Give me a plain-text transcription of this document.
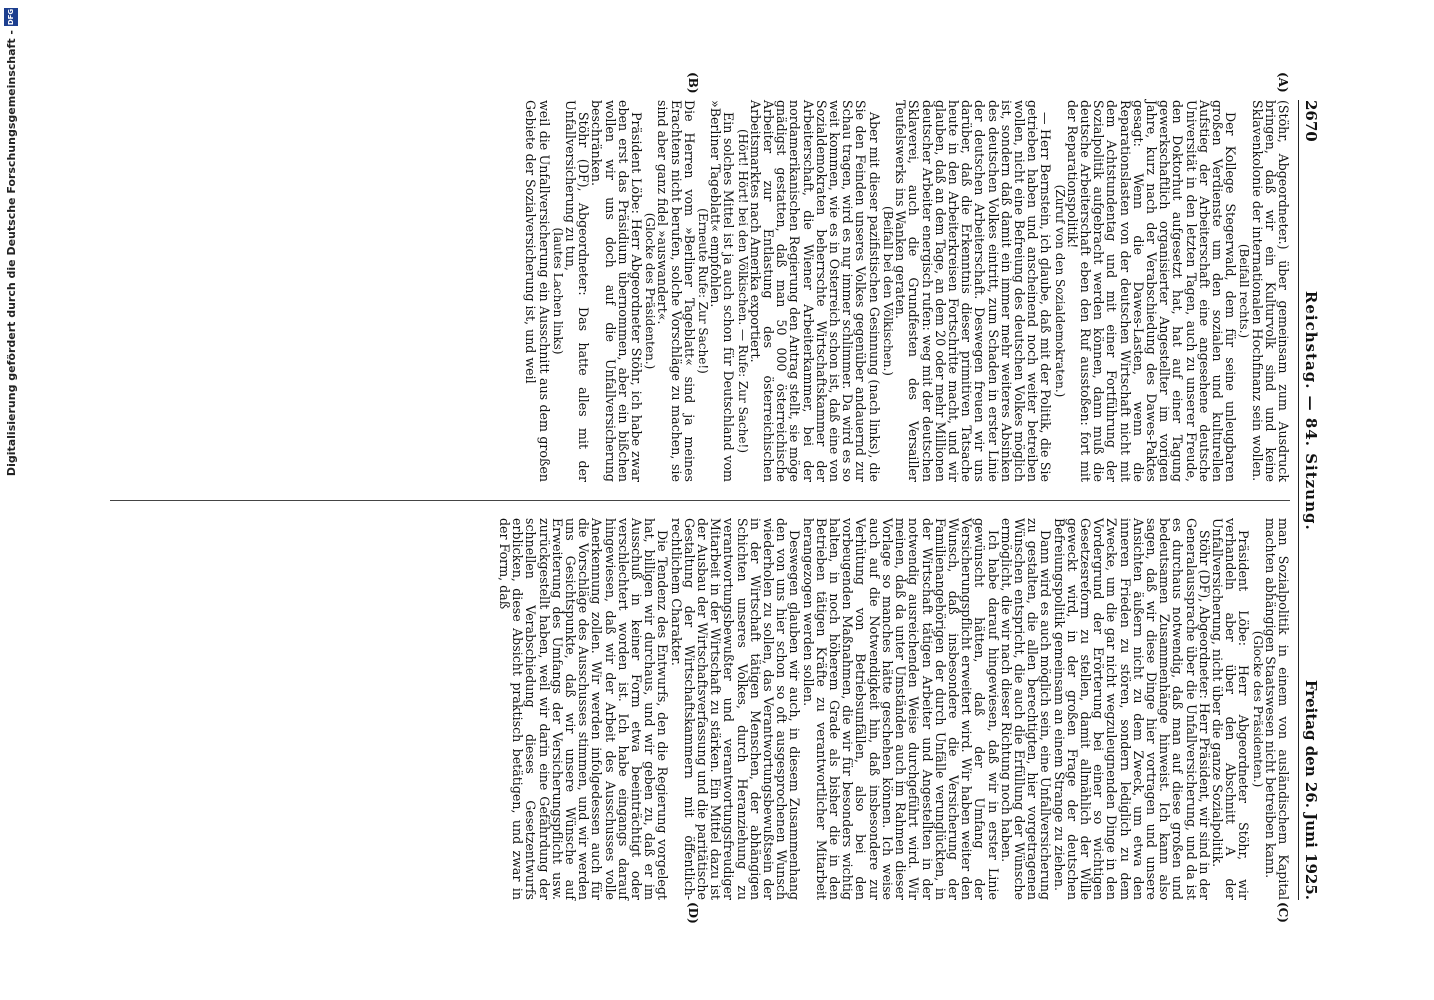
Digitalisierung gefördert durch die Deutsche Forschungsgemeinschaft -
DFG
2670
Reichstag. — 84. Sitzung.
Freitag den 26. Juni 1925.
(A)
(B)
(C)
(D)

(Stöhr, Abgeordneter.) über gemeinsam zum Ausdruck bringen, daß wir ein Kulturvolk sind und keine Sklavenkolonie der internationalen Hochfinanz sein wollen.

(Beifall rechts.)

Der Kollege Stegerwald, dem für seine unleugbaren großen Verdienste um den sozialen und kulturellen Aufstieg der Arbeiterschaft eine angesehene deutsche Universität in den letzten Tagen, auch zu unserer Freude, den Doktorhut aufgesetzt hat, hat auf einer Tagung gewerkschaftlich organisierter Angestellter im vorigen Jahre, kurz nach der Verabschiedung des Dawes-Paktes gesagt: Wenn die Dawes-Lasten, wenn die Reparationslasten von der deutschen Wirtschaft nicht mit dem Achtstundentag und mit einer Fortführung der Sozialpolitik aufgebracht werden können, dann muß die deutsche Arbeiterschaft eben den Ruf ausstoßen: fort mit der Reparationspolitik!

(Zuruf von den Sozialdemokraten.)

— Herr Bernstein, ich glaube, daß mit der Politik, die Sie getrieben haben und anscheinend noch weiter betreiben wollen, nicht eine Befreiung des deutschen Volkes möglich ist, sondern daß damit ein immer mehr weiteres Absinken des deutschen Volkes eintritt, zum Schaden in erster Linie der deutschen Arbeiterschaft. Deswegen freuen wir uns darüber, daß die Erkenntnis dieser primitiven Tatsache heute in den Arbeiterkreisen Fortschritte macht, und wir glauben, daß an dem Tage, an dem 20 oder mehr Millionen deutscher Arbeiter energisch rufen: weg mit der deutschen Sklaverei, auch die Grundfesten des Versailler Teufelswerks ins Wanken geraten.

(Beifall bei den Völkischen.)

Aber mit dieser pazifistischen Gesinnung (nach links), die Sie den Feinden unseres Volkes gegenüber andauernd zur Schau tragen, wird es nur immer schlimmer. Da wird es so weit kommen, wie es in Österreich schon ist, daß eine von Sozialdemokraten beherrschte Wirtschaftskammer der Arbeiterschaft, die Wiener Arbeiterkammer, bei der nordamerikanischen Regierung den Antrag stellt, sie möge gnädigst gestatten, daß man 50 000 österreichische Arbeiter zur Entlastung des österreichischen Arbeitsmarktes nach Amerika exportiert.

(Hört! Hört! bei den Völkischen. — Rufe: Zur Sache!)

Ein solches Mittel ist ja auch schon für Deutschland vom »Berliner Tageblatt« empfohlen.

(Erneute Rufe: Zur Sache!)

Die Herren vom »Berliner Tageblatt« sind ja meines Erachtens nicht berufen, solche Vorschläge zu machen, sie sind aber ganz fidel »auswandert«.

(Glocke des Präsidenten.)

Präsident Löbe: Herr Abgeordneter Stöhr, ich habe zwar eben erst das Präsidium übernommen, aber ein bißchen wollen wir uns doch auf die Unfallversicherung beschränken.

Stöhr (DF), Abgeordneter: Das hatte alles mit der Unfallversicherung zu tun,

(lautes Lachen links)

weil die Unfallversicherung ein Ausschnitt aus dem großen Gebiete der Sozialversicherung ist, und weil

man Sozialpolitik in einem von ausländischem Kapital machten abhängigen Staatswesen nicht betreiben kann.

(Glocke des Präsidenten.)

Präsident Löbe: Herr Abgeordneter Stöhr, wir verhandeln aber über den Abschnitt A der Unfallversicherung, nicht über die ganze Sozialpolitik.

Stöhr (DF), Abgeordneter: Herr Präsident, wir sind in der Generalaussprache über die Unfallversicherung, und da ist es durchaus notwendig, daß man auf diese großen und bedeutsamen Zusammenhänge hinweist. Ich kann also sagen, daß wir diese Dinge hier vortragen und unsere Ansichten äußern nicht zu dem Zweck, um etwa den inneren Frieden zu stören, sondern lediglich zu dem Zwecke, um die gar nicht wegzuleugnenden Dinge in den Vordergrund der Erörterung bei einer so wichtigen Gesetzesreform zu stellen, damit allmählich der Wille geweckt wird, in der großen Frage der deutschen Befreiungspolitik gemeinsam an einem Strange zu ziehen.

Dann wird es auch möglich sein, eine Unfallversicherung zu gestalten, die allen berechtigten, hier vorgetragenen Wünschen entspricht, die auch die Erfüllung der Wünsche ermöglicht, die wir nach dieser Richtung noch haben.

Ich habe darauf hingewiesen, daß wir in erster Linie gewünscht hätten, daß der Umfang der Versicherungspflicht erweitert wird. Wir haben weiter den Wunsch, daß insbesondere die Versicherung der Familienangehörigen der durch Unfälle verunglückten, in der Wirtschaft tätigen Arbeiter und Angestellten in der notwendig ausreichenden Weise durchgeführt wird. Wir meinen, daß da unter Umständen auch im Rahmen dieser Vorlage so manches hätte geschehen können. Ich weise auch auf die Notwendigkeit hin, daß insbesondere zur Verhütung von Betriebsunfällen, also bei den vorbeugenden Maßnahmen, die wir für besonders wichtig halten, in noch höherem Grade als bisher die in den Betrieben tätigen Kräfte zu verantwortlicher Mitarbeit herangezogen werden sollen.

Deswegen glauben wir auch, in diesem Zusammenhang den von uns hier schon so oft ausgesprochenen Wunsch wiederholen zu sollen, das Verantwortungsbewußtsein der in der Wirtschaft tätigen Menschen, der abhängigen Schichten unseres Volkes, durch Heranziehung zu verantwortungsbewußter und verantwortungsfreudiger Mitarbeit in der Wirtschaft zu stärken. Ein Mittel dazu ist der Ausbau der Wirtschaftsverfassung und die paritätische Gestaltung der Wirtschaftskammern mit öffentlich-rechtlichem Charakter.

Die Tendenz des Entwurfs, den die Regierung vorgelegt hat, billigen wir durchaus, und wir geben zu, daß er im Ausschuß in keiner Form etwa beeinträchtigt oder verschlechtert worden ist. Ich habe eingangs darauf hingewiesen, daß wir der Arbeit des Ausschusses volle Anerkennung zollen. Wir werden infolgedessen auch für die Vorschläge des Ausschusses stimmen, und wir werden uns Gesichtspunkte, daß wir unsere Wünsche auf Erweiterung des Umfangs der Versicherungspflicht usw. zurückgestellt haben, weil wir darin eine Gefährdung der schnellen Verabschiedung dieses Gesetzentwurfs erblicken, diese Absicht praktisch betätigen, und zwar in der Form, daß
